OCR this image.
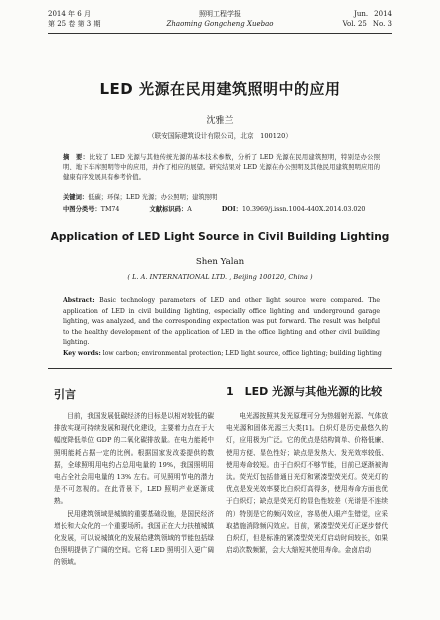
2014 年 6 月
第 25 卷 第 3 期
照明工程学报
Zhaoming Gongcheng Xuebao
Jun. 2014
Vol. 25 No. 3
LED 光源在民用建筑照明中的应用
沈雅兰
（联安国际建筑设计有限公司，北京　100120）
摘　要：比较了 LED 光源与其他传统光源的基本技术参数，分析了 LED 光源在民用建筑照明，特别是办公照明、地下车库照明等中的应用，并作了相应的展望。研究结果对 LED 光源在办公照明及其他民用建筑照明应用的健康有序发展具有参考价值。
关键词：低碳；环保；LED 光源；办公照明；建筑照明
中图分类号：TM74	文献标识码：A	DOI：10.3969/j.issn.1004-440X.2014.03.020
Application of LED Light Source in Civil Building Lighting
Shen Yalan
( L. A. INTERNATIONAL LTD. , Beijing 100120, China )
Abstract: Basic technology parameters of LED and other light source were compared. The application of LED in civil building lighting, especially office lighting and underground garage lighting, was analyzed, and the corresponding expectation was put forward. The result was helpful to the healthy development of the application of LED in the office lighting and other civil building lighting.
Key words: low carbon; environmental protection; LED light source, office lighting; building lighting
引言	1　LED 光源与其他光源的比较

目前，我国发展低碳经济的目标是以相对较低的碳排放实现可持续发展和现代化建设，主要着力点在于大幅度降低单位 GDP 的二氧化碳排放量。在电力能耗中照明能耗占据一定的比例。根据国家发改委提供的数据，全球照明用电约占总用电量的 19%，我国照明用电占全社会用电量的 13% 左右。可见照明节电的潜力是不可忽视的。在此背景下，LED 照明产业逐渐成熟。

民用建筑领域是城镇的重要基础设施，是国民经济增长和大众化的一个重要场所。我国正在大力扶植城镇化发展，可以说城镇化的发展给建筑领域的节能包括绿色照明提供了广阔的空间。它将 LED 照明引入更广阔的领域。

电光源按照其发光原理可分为热辐射光源、气体放电光源和固体光源三大类[1]。白炽灯是历史最悠久的灯，应用极为广泛。它的优点是结构简单、价格低廉、使用方便、显色性好；缺点是发热大、发光效率较低、使用寿命较短。由于白炽灯不够节能，目前已逐渐被淘汰。荧光灯包括普通日光灯和紧凑型荧光灯。荧光灯的优点是发光效率要比白炽灯高得多，使用寿命方面也优于白炽灯；缺点是荧光灯的显色性较差（光谱是不连续的）特别是它的频闪效应，容易使人眼产生错觉，应采取措施消除频闪效应。目前，紧凑型荧光灯正逐步替代白炽灯，但是标准的紧凑型荧光灯启动时间较长，如果启动次数频繁，会大大缩短其使用寿命。金卤启动
